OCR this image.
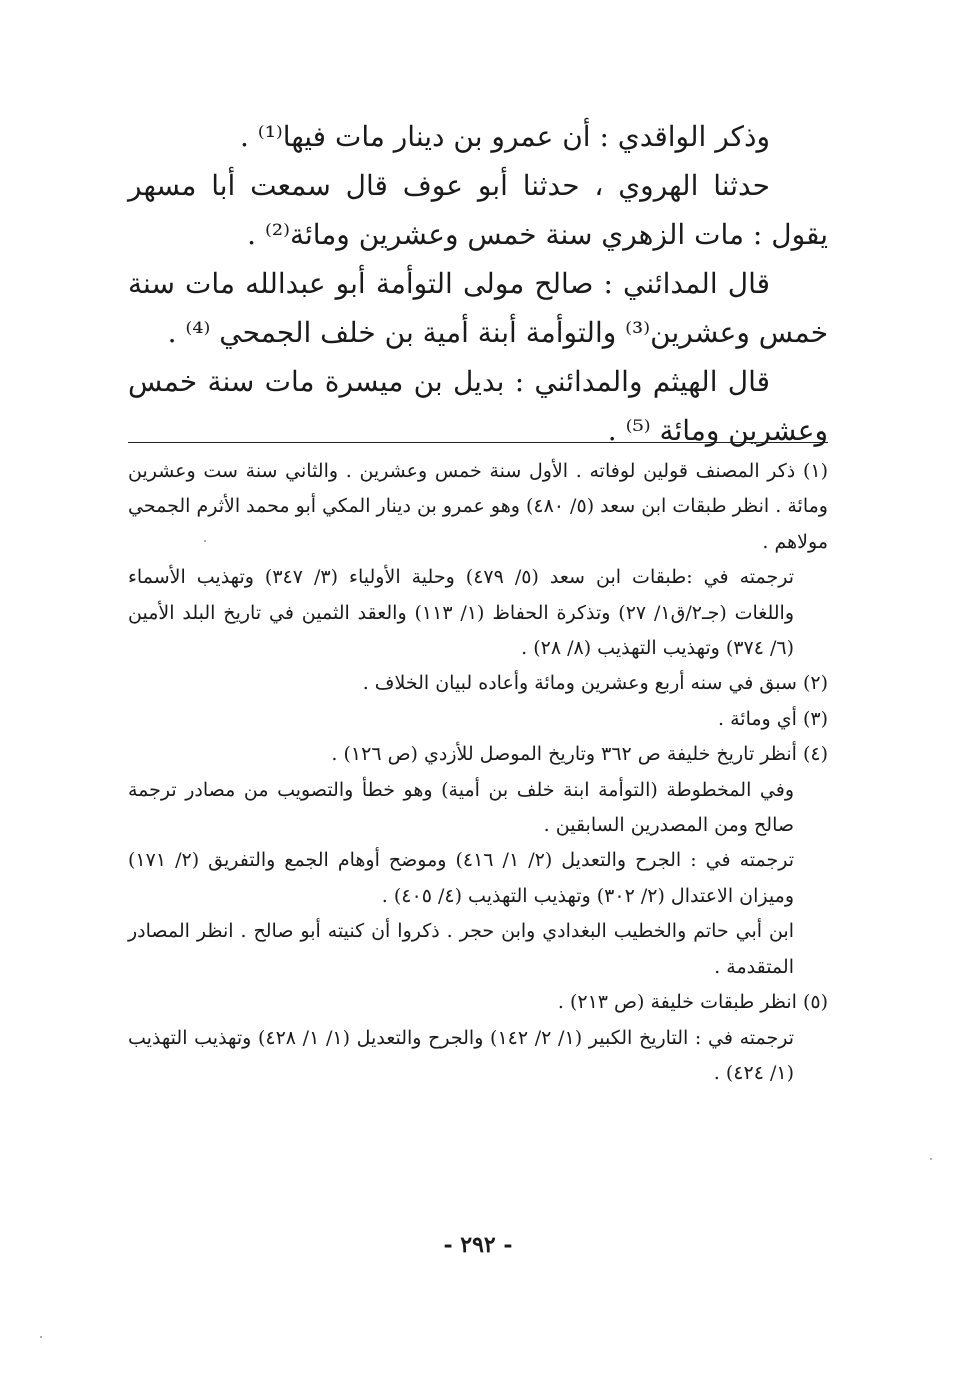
وذكر الواقدي : أن عمرو بن دينار مات فيها⁽¹⁾ .

حدثنا الهروي ، حدثنا أبو عوف قال سمعت أبا مسهر يقول : مات الزهري سنة خمس وعشرين ومائة⁽²⁾ .

قال المدائني : صالح مولى التوأمة أبو عبدالله مات سنة خمس وعشرين⁽³⁾ والتوأمة أبنة أمية بن خلف الجمحي ⁽⁴⁾ .

قال الهيثم والمدائني : بديل بن ميسرة مات سنة خمس وعشرين ومائة ⁽⁵⁾ .

(١) ذكر المصنف قولين لوفاته . الأول سنة خمس وعشرين . والثاني سنة ست وعشرين ومائة . انظر طبقات ابن سعد (٥/ ٤٨٠) وهو عمرو بن دينار المكي أبو محمد الأثرم الجمحي مولاهم .

ترجمته في :طبقات ابن سعد (٥/ ٤٧٩) وحلية الأولياء (٣/ ٣٤٧) وتهذيب الأسماء واللغات (جـ٢/ق١/ ٢٧) وتذكرة الحفاظ (١/ ١١٣) والعقد الثمين في تاريخ البلد الأمين (٦/ ٣٧٤) وتهذيب التهذيب (٨/ ٢٨) .

(٢) سبق في سنه أربع وعشرين ومائة وأعاده لبيان الخلاف .

(٣) أي ومائة .

(٤) أنظر تاريخ خليفة ص ٣٦٢ وتاريخ الموصل للأزدي (ص ١٢٦) .

وفي المخطوطة (التوأمة ابنة خلف بن أمية) وهو خطأ والتصويب من مصادر ترجمة صالح ومن المصدرين السابقين .

ترجمته في : الجرح والتعديل (٢/ ١/ ٤١٦) وموضح أوهام الجمع والتفريق (٢/ ١٧١) وميزان الاعتدال (٢/ ٣٠٢) وتهذيب التهذيب (٤/ ٤٠٥) .

ابن أبي حاتم والخطيب البغدادي وابن حجر . ذكروا أن كنيته أبو صالح . انظر المصادر المتقدمة .

(٥) انظر طبقات خليفة (ص ٢١٣) .

ترجمته في : التاريخ الكبير (١/ ٢/ ١٤٢) والجرح والتعديل (١/ ١/ ٤٢٨) وتهذيب التهذيب (١/ ٤٢٤) .

- ٢٩٢ -
